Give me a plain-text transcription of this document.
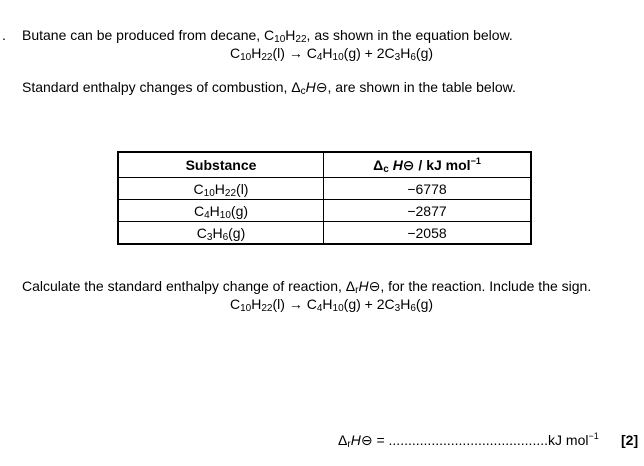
. Butane can be produced from decane, $C_{10}H_{22}$, as shown in the equation below.
$C_{10}H_{22}(l) \to C_4H_{10}(g) + 2C_3H_6(g)$
Standard enthalpy changes of combustion, $\Delta_cH⊖$, are shown in the table below.
Substance	$\Delta_c$ H⊖ / kJ mol$^{-1}$
$C_{10}H_{22}(l)$	−6778
$C_4H_{10}(g)$	−2877
$C_3H_6(g)$	−2058
Calculate the standard enthalpy change of reaction, $\Delta_rH⊖$, for the reaction. Include the sign.
$C_{10}H_{22}(l) \to C_4H_{10}(g) + 2C_3H_6(g)$
$\Delta_rH⊖ = .........................................kJ$ mol$^{-1}$ [2]
